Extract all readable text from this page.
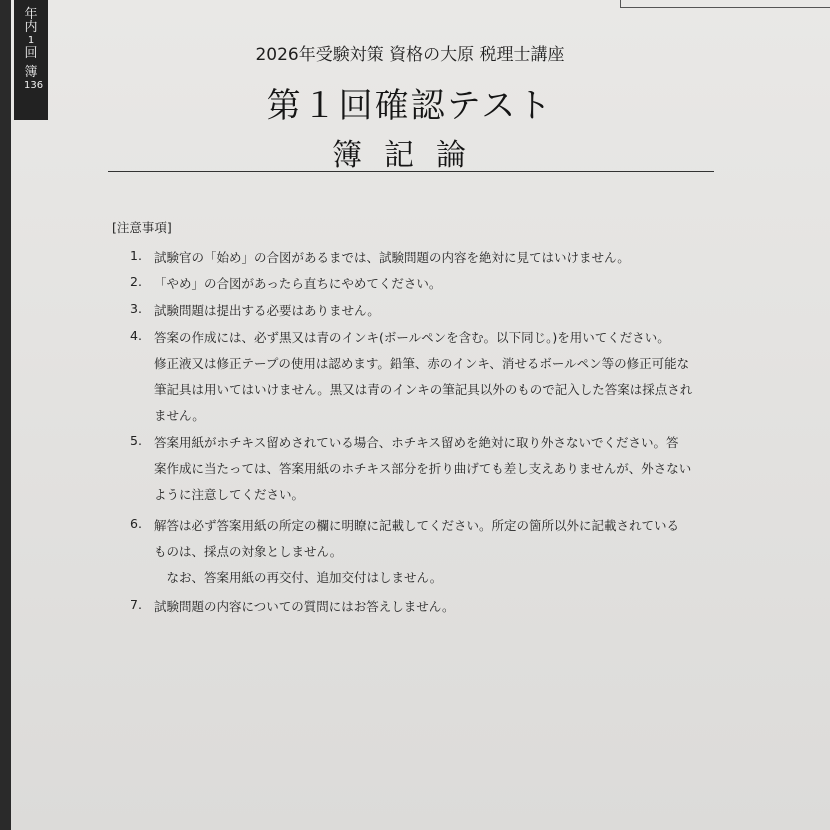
年
内
1
回
簿
136
2026年受験対策 資格の大原 税理士講座
第１回確認テスト
簿記論
[注意事項]
1. 試験官の「始め」の合図があるまでは、試験問題の内容を絶対に見てはいけません。
2. 「やめ」の合図があったら直ちにやめてください。
3. 試験問題は提出する必要はありません。
4. 答案の作成には、必ず黒又は青のインキ(ボールペンを含む。以下同じ。)を用いてください。
修正液又は修正テープの使用は認めます。鉛筆、赤のインキ、消せるボールペン等の修正可能な
筆記具は用いてはいけません。黒又は青のインキの筆記具以外のもので記入した答案は採点され
ません。
5. 答案用紙がホチキス留めされている場合、ホチキス留めを絶対に取り外さないでください。答
案作成に当たっては、答案用紙のホチキス部分を折り曲げても差し支えありませんが、外さない
ように注意してください。
6. 解答は必ず答案用紙の所定の欄に明瞭に記載してください。所定の箇所以外に記載されている
ものは、採点の対象としません。
　なお、答案用紙の再交付、追加交付はしません。
7. 試験問題の内容についての質問にはお答えしません。
